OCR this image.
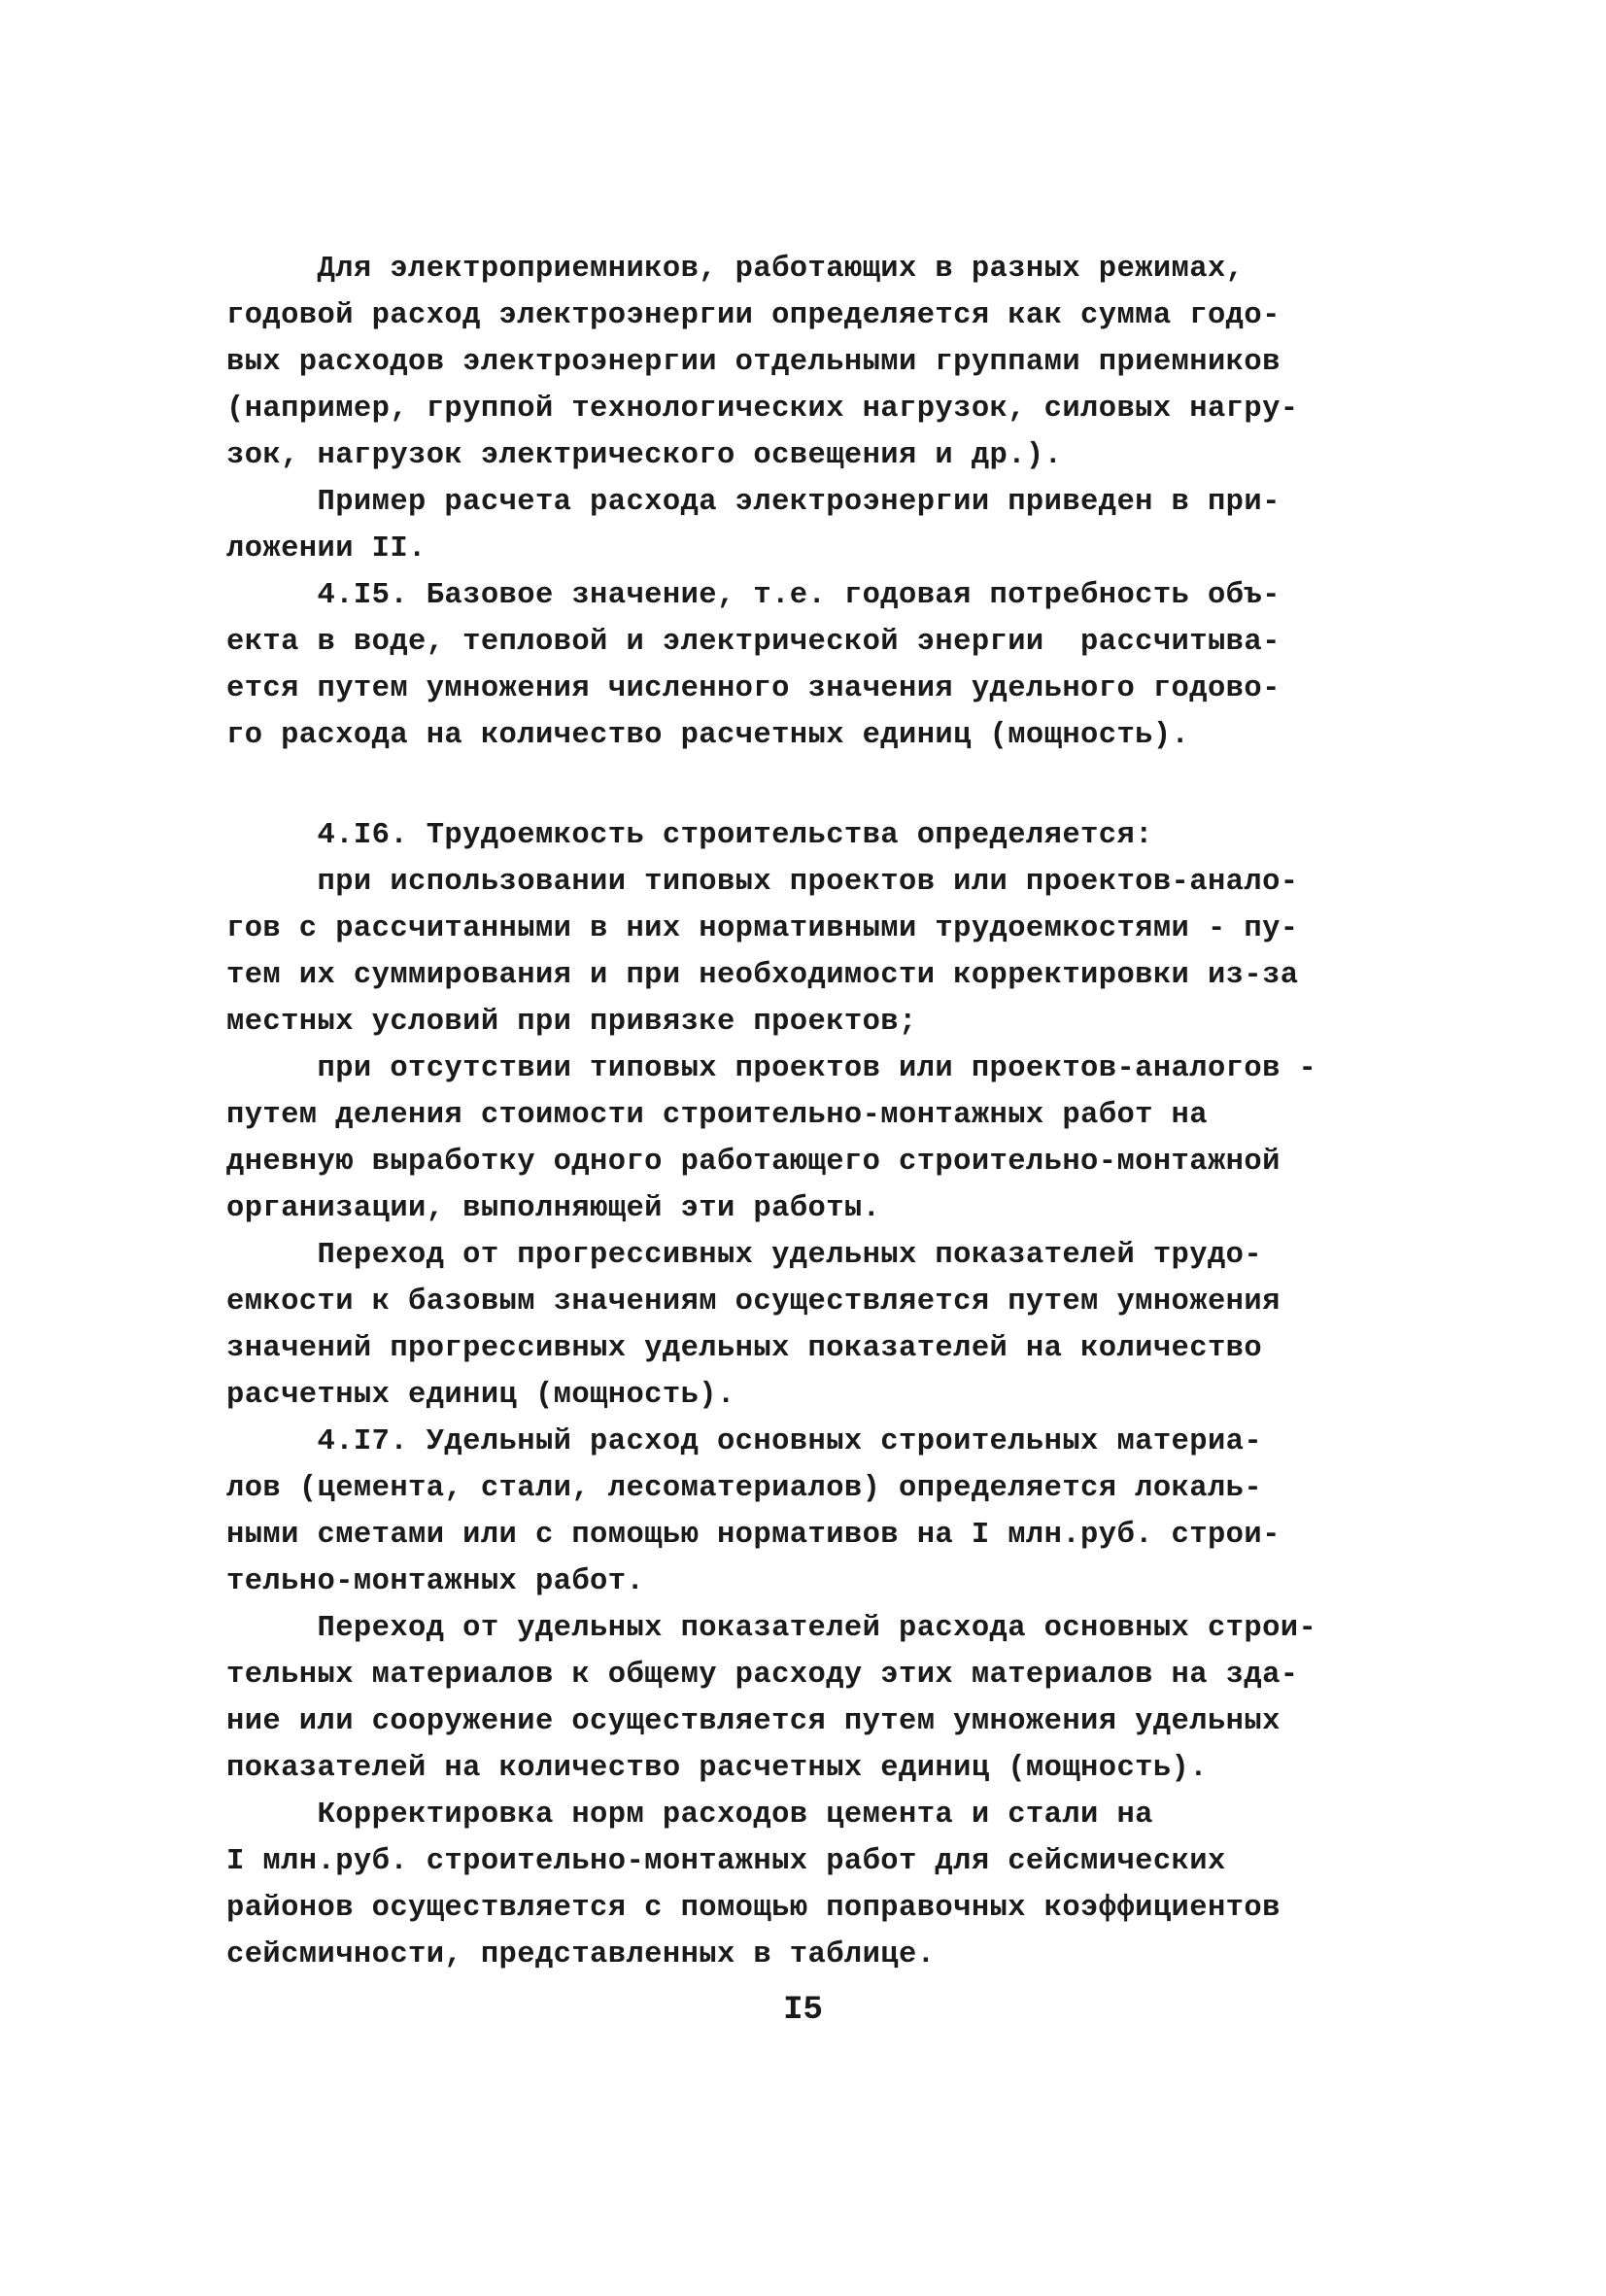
Для электроприемников, работающих в разных режимах,
годовой расход электроэнергии определяется как сумма годо-
вых расходов электроэнергии отдельными группами приемников
(например, группой технологических нагрузок, силовых нагру-
зок, нагрузок электрического освещения и др.).
Пример расчета расхода электроэнергии приведен в при-
ложении II.
4.I5. Базовое значение, т.е. годовая потребность объ-
екта в воде, тепловой и электрической энергии  рассчитыва-
ется путем умножения численного значения удельного годово-
го расхода на количество расчетных единиц (мощность).
4.I6. Трудоемкость строительства определяется:
при использовании типовых проектов или проектов-анало-
гов с рассчитанными в них нормативными трудоемкостями - пу-
тем их суммирования и при необходимости корректировки из-за
местных условий при привязке проектов;
при отсутствии типовых проектов или проектов-аналогов -
путем деления стоимости строительно-монтажных работ на
дневную выработку одного работающего строительно-монтажной
организации, выполняющей эти работы.
Переход от прогрессивных удельных показателей трудо-
емкости к базовым значениям осуществляется путем умножения
значений прогрессивных удельных показателей на количество
расчетных единиц (мощность).
4.I7. Удельный расход основных строительных материа-
лов (цемента, стали, лесоматериалов) определяется локаль-
ными сметами или с помощью нормативов на I млн.руб. строи-
тельно-монтажных работ.
Переход от удельных показателей расхода основных строи-
тельных материалов к общему расходу этих материалов на зда-
ние или сооружение осуществляется путем умножения удельных
показателей на количество расчетных единиц (мощность).
Корректировка норм расходов цемента и стали на
I млн.руб. строительно-монтажных работ для сейсмических
районов осуществляется с помощью поправочных коэффициентов
сейсмичности, представленных в таблице.
I5
